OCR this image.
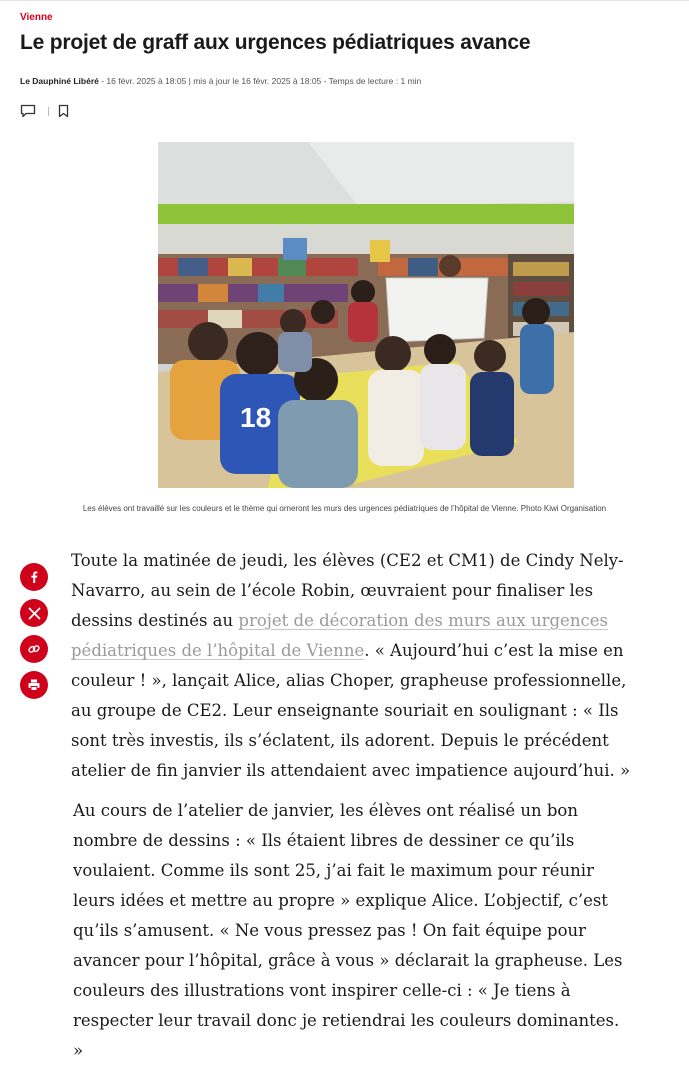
Vienne
Le projet de graff aux urgences pédiatriques avance
Le Dauphiné Libéré - 16 févr. 2025 à 18:05 | mis à jour le 16 févr. 2025 à 18:05 - Temps de lecture : 1 min
18
Les élèves ont travaillé sur les couleurs et le thème qui orneront les murs des urgences pédiatriques de l’hôpital de Vienne. Photo Kiwi Organisation

Toute la matinée de jeudi, les élèves (CE2 et CM1) de Cindy Nely-Navarro, au sein de l’école Robin, œuvraient pour finaliser les dessins destinés au projet de décoration des murs aux urgences pédiatriques de l’hôpital de Vienne. « Aujourd’hui c’est la mise en couleur ! », lançait Alice, alias Choper, grapheuse professionnelle, au groupe de CE2. Leur enseignante souriait en soulignant : « Ils sont très investis, ils s’éclatent, ils adorent. Depuis le précédent atelier de fin janvier ils attendaient avec impatience aujourd’hui. »

Au cours de l’atelier de janvier, les élèves ont réalisé un bon nombre de dessins : « Ils étaient libres de dessiner ce qu’ils voulaient. Comme ils sont 25, j’ai fait le maximum pour réunir leurs idées et mettre au propre » explique Alice. L’objectif, c’est qu’ils s’amusent. « Ne vous pressez pas ! On fait équipe pour avancer pour l’hôpital, grâce à vous » déclarait la grapheuse. Les couleurs des illustrations vont inspirer celle-ci : « Je tiens à respecter leur travail donc je retiendrai les couleurs dominantes. »
